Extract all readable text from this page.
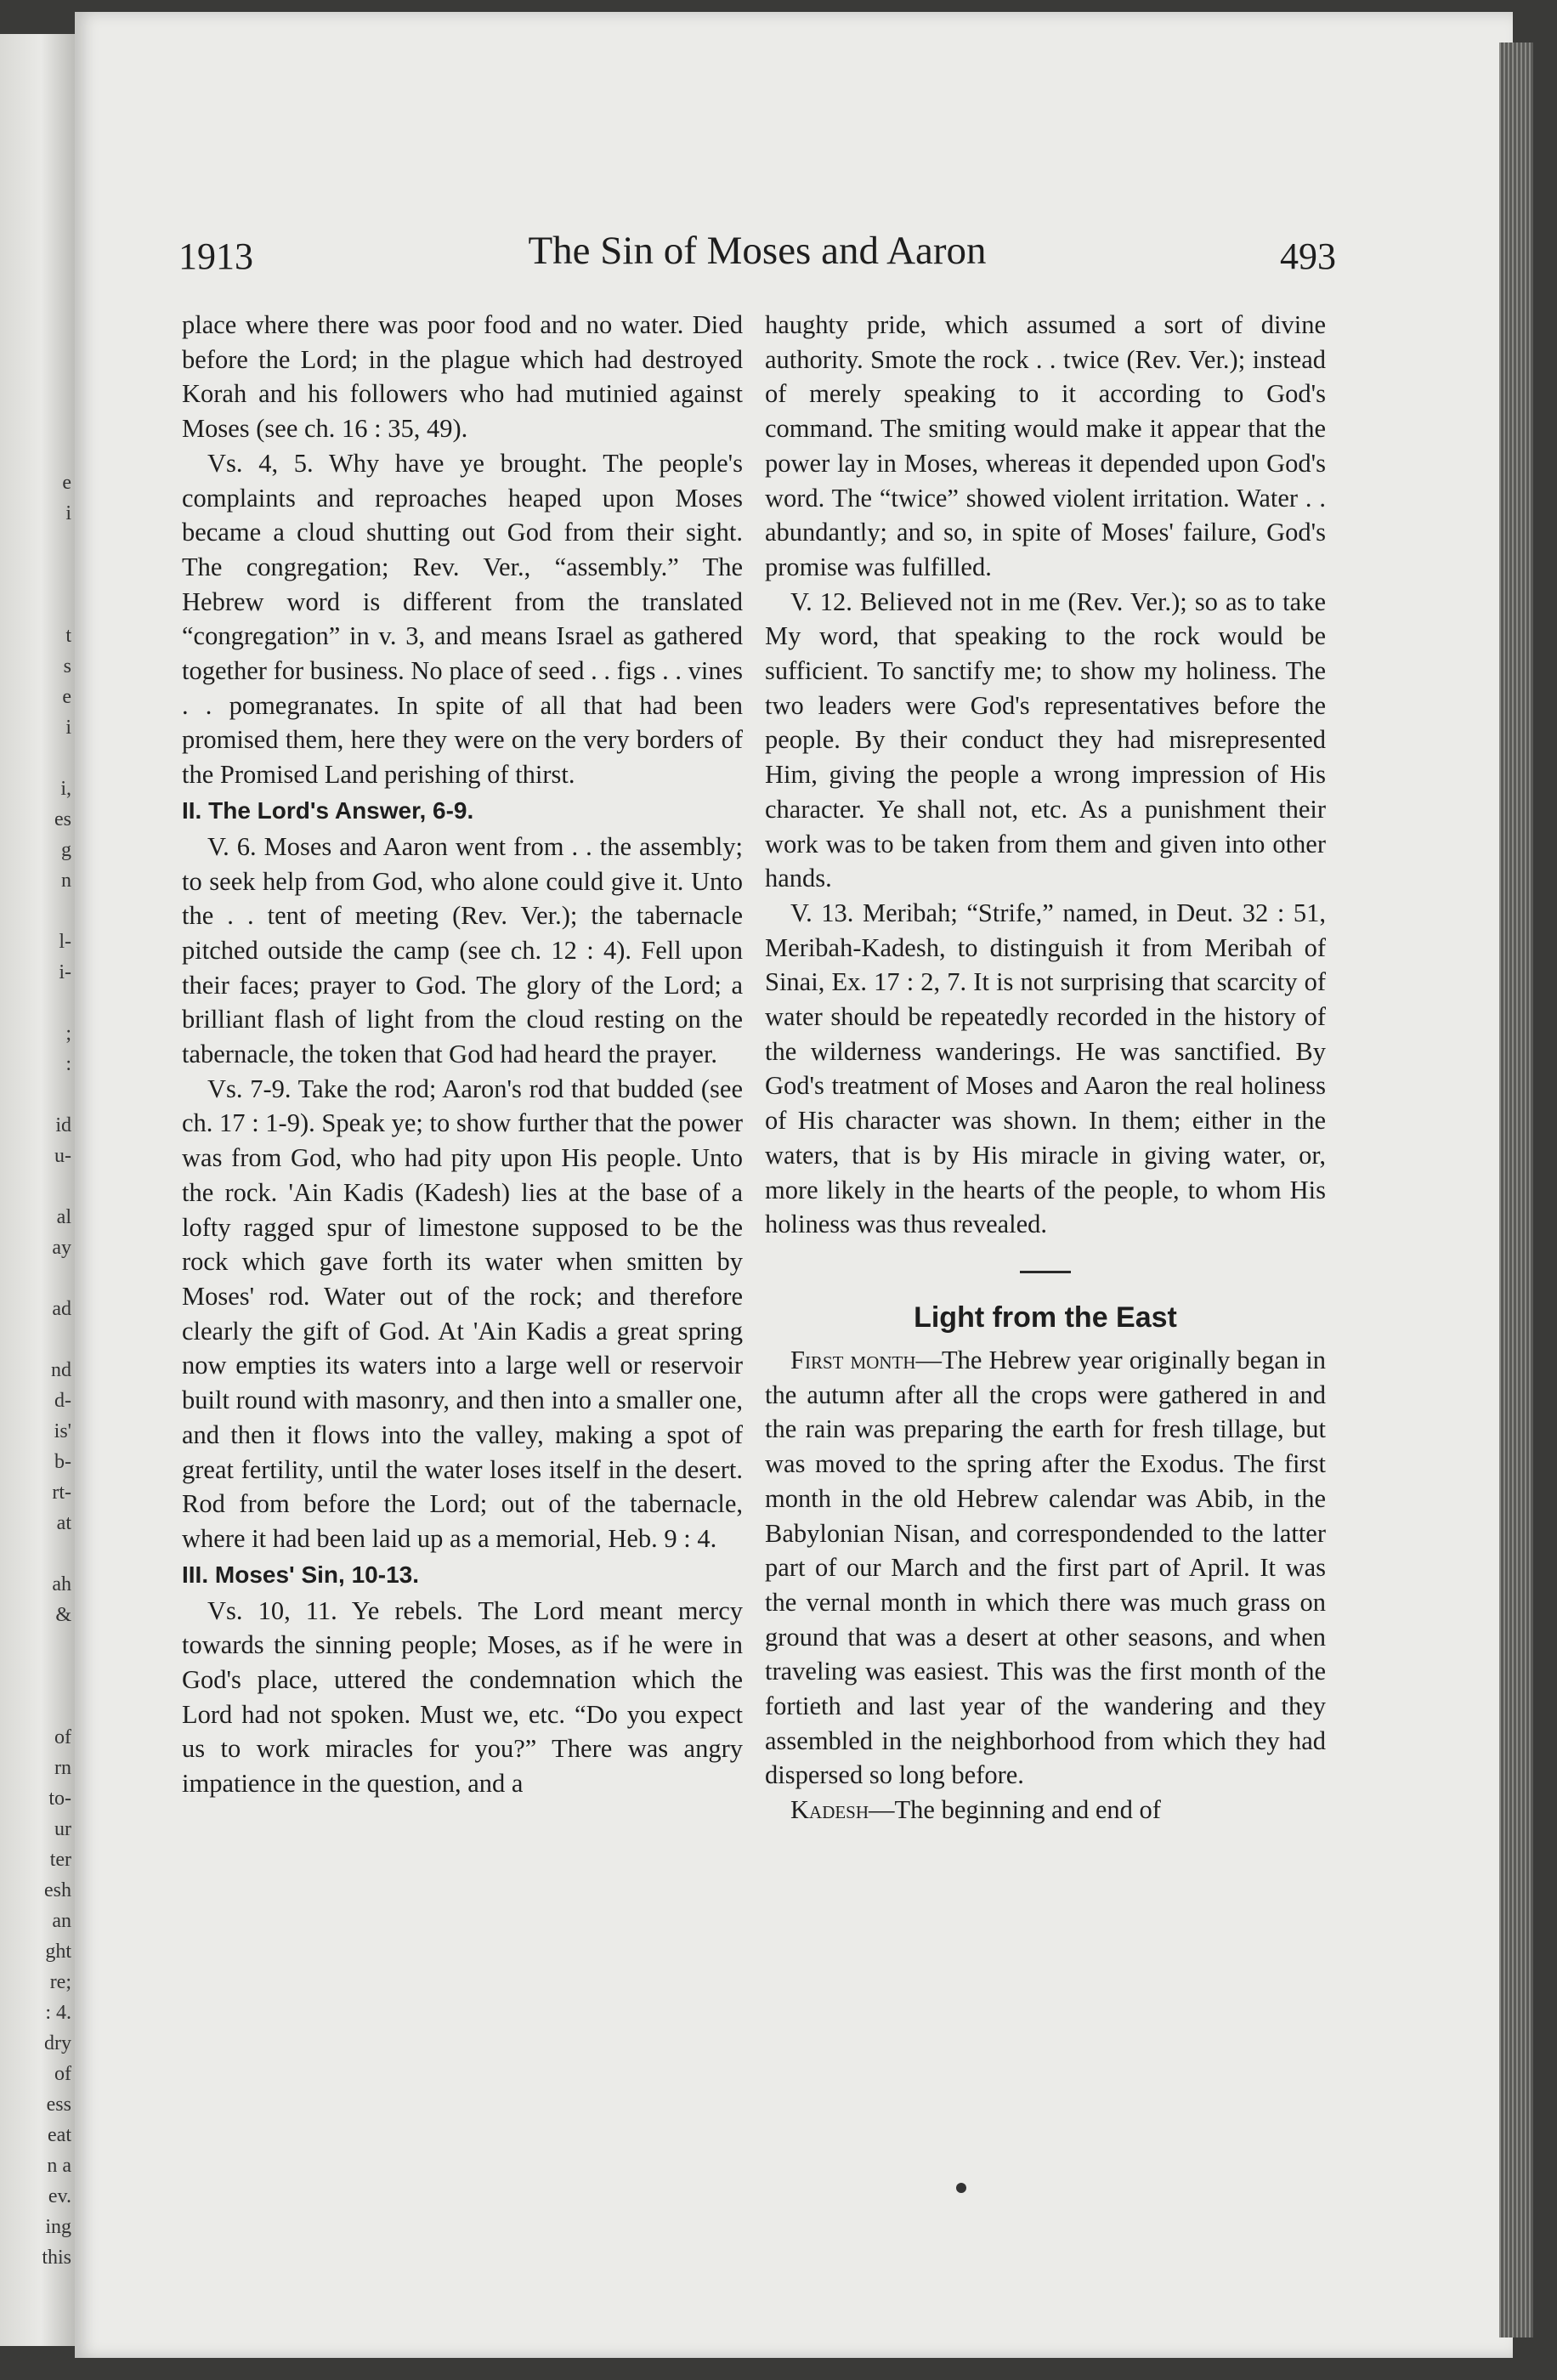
e
i
t
s
e
i
i,
es
g
n
l-
i-
;
:
id
u-
al
ay
ad
nd
d-
is'
b-
rt-
at
ah
&
of
rn
to-
ur
ter
esh
an
ght
re;
: 4.
dry
of
ess
eat
n a
ev.
ing
this
1913	The Sin of Moses and Aaron	493

place where there was poor food and no water. Died before the Lord; in the plague which had destroyed Korah and his followers who had mutinied against Moses (see ch. 16 : 35, 49).

Vs. 4, 5. Why have ye brought. The people's complaints and reproaches heaped upon Moses became a cloud shutting out God from their sight. The congregation; Rev. Ver., “assembly.” The Hebrew word is different from the translated “congregation” in v. 3, and means Israel as gathered together for business. No place of seed . . figs . . vines . . pomegranates. In spite of all that had been promised them, here they were on the very borders of the Promised Land perishing of thirst.

II. The Lord's Answer, 6-9.

V. 6. Moses and Aaron went from . . the assembly; to seek help from God, who alone could give it. Unto the . . tent of meeting (Rev. Ver.); the tabernacle pitched outside the camp (see ch. 12 : 4). Fell upon their faces; prayer to God. The glory of the Lord; a brilliant flash of light from the cloud resting on the tabernacle, the token that God had heard the prayer.

Vs. 7-9. Take the rod; Aaron's rod that budded (see ch. 17 : 1-9). Speak ye; to show further that the power was from God, who had pity upon His people. Unto the rock. 'Ain Kadis (Kadesh) lies at the base of a lofty ragged spur of limestone supposed to be the rock which gave forth its water when smitten by Moses' rod. Water out of the rock; and therefore clearly the gift of God. At 'Ain Kadis a great spring now empties its waters into a large well or reservoir built round with masonry, and then into a smaller one, and then it flows into the valley, making a spot of great fertility, until the water loses itself in the desert. Rod from before the Lord; out of the tabernacle, where it had been laid up as a memorial, Heb. 9 : 4.

III. Moses' Sin, 10-13.

Vs. 10, 11. Ye rebels. The Lord meant mercy towards the sinning people; Moses, as if he were in God's place, uttered the condemnation which the Lord had not spoken. Must we, etc. “Do you expect us to work miracles for you?” There was angry impatience in the question, and a

haughty pride, which assumed a sort of divine authority. Smote the rock . . twice (Rev. Ver.); instead of merely speaking to it according to God's command. The smiting would make it appear that the power lay in Moses, whereas it depended upon God's word. The “twice” showed violent irritation. Water . . abundantly; and so, in spite of Moses' failure, God's promise was fulfilled.

V. 12. Believed not in me (Rev. Ver.); so as to take My word, that speaking to the rock would be sufficient. To sanctify me; to show my holiness. The two leaders were God's representatives before the people. By their conduct they had misrepresented Him, giving the people a wrong impression of His character. Ye shall not, etc. As a punishment their work was to be taken from them and given into other hands.

V. 13. Meribah; “Strife,” named, in Deut. 32 : 51, Meribah-Kadesh, to distinguish it from Meribah of Sinai, Ex. 17 : 2, 7. It is not surprising that scarcity of water should be repeatedly recorded in the history of the wilderness wanderings. He was sanctified. By God's treatment of Moses and Aaron the real holiness of His character was shown. In them; either in the waters, that is by His miracle in giving water, or, more likely in the hearts of the people, to whom His holiness was thus revealed.

Light from the East

First month—The Hebrew year originally began in the autumn after all the crops were gathered in and the rain was preparing the earth for fresh tillage, but was moved to the spring after the Exodus. The first month in the old Hebrew calendar was Abib, in the Babylonian Nisan, and correspondended to the latter part of our March and the first part of April. It was the vernal month in which there was much grass on ground that was a desert at other seasons, and when traveling was easiest. This was the first month of the fortieth and last year of the wandering and they assembled in the neighborhood from which they had dispersed so long before.

Kadesh—The beginning and end of
